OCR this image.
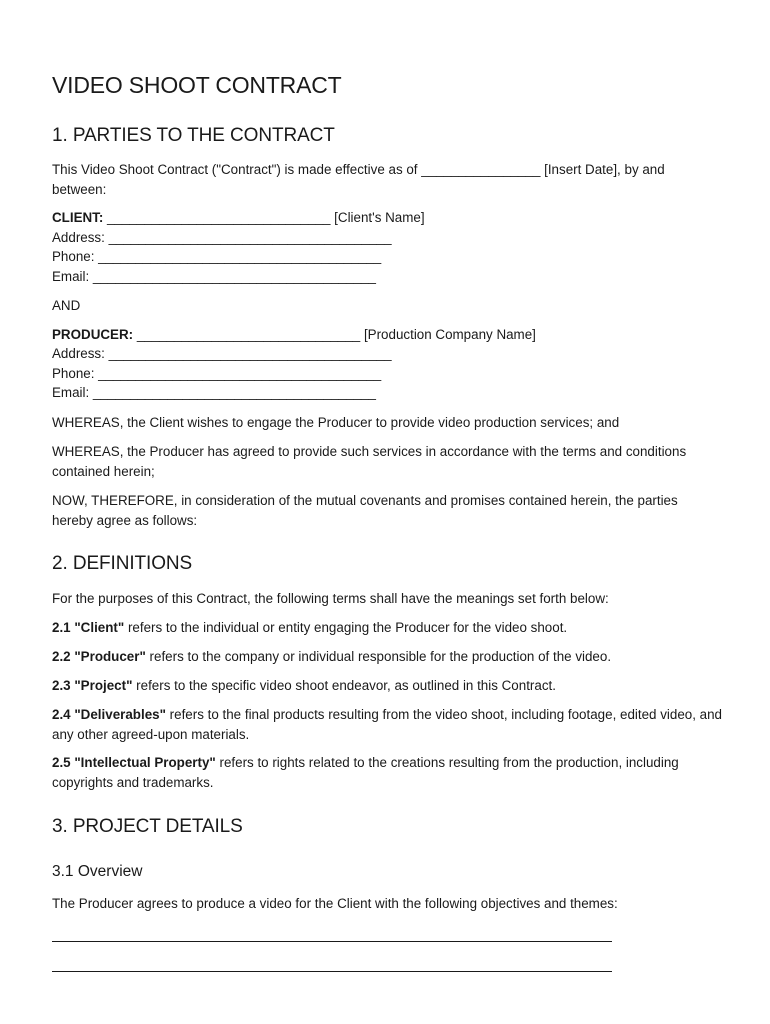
VIDEO SHOOT CONTRACT
1. PARTIES TO THE CONTRACT

This Video Shoot Contract ("Contract") is made effective as of ________________ [Insert Date], by and between:

CLIENT: ______________________________ [Client's Name]

Address: ______________________________________

Phone: ______________________________________

Email: ______________________________________

AND

PRODUCER: ______________________________ [Production Company Name]

Address: ______________________________________

Phone: ______________________________________

Email: ______________________________________

WHEREAS, the Client wishes to engage the Producer to provide video production services; and

WHEREAS, the Producer has agreed to provide such services in accordance with the terms and conditions contained herein;

NOW, THEREFORE, in consideration of the mutual covenants and promises contained herein, the parties hereby agree as follows:

2. DEFINITIONS

For the purposes of this Contract, the following terms shall have the meanings set forth below:

2.1 "Client" refers to the individual or entity engaging the Producer for the video shoot.

2.2 "Producer" refers to the company or individual responsible for the production of the video.

2.3 "Project" refers to the specific video shoot endeavor, as outlined in this Contract.

2.4 "Deliverables" refers to the final products resulting from the video shoot, including footage, edited video, and any other agreed-upon materials.

2.5 "Intellectual Property" refers to rights related to the creations resulting from the production, including copyrights and trademarks.

3. PROJECT DETAILS
3.1 Overview

The Producer agrees to produce a video for the Client with the following objectives and themes:
